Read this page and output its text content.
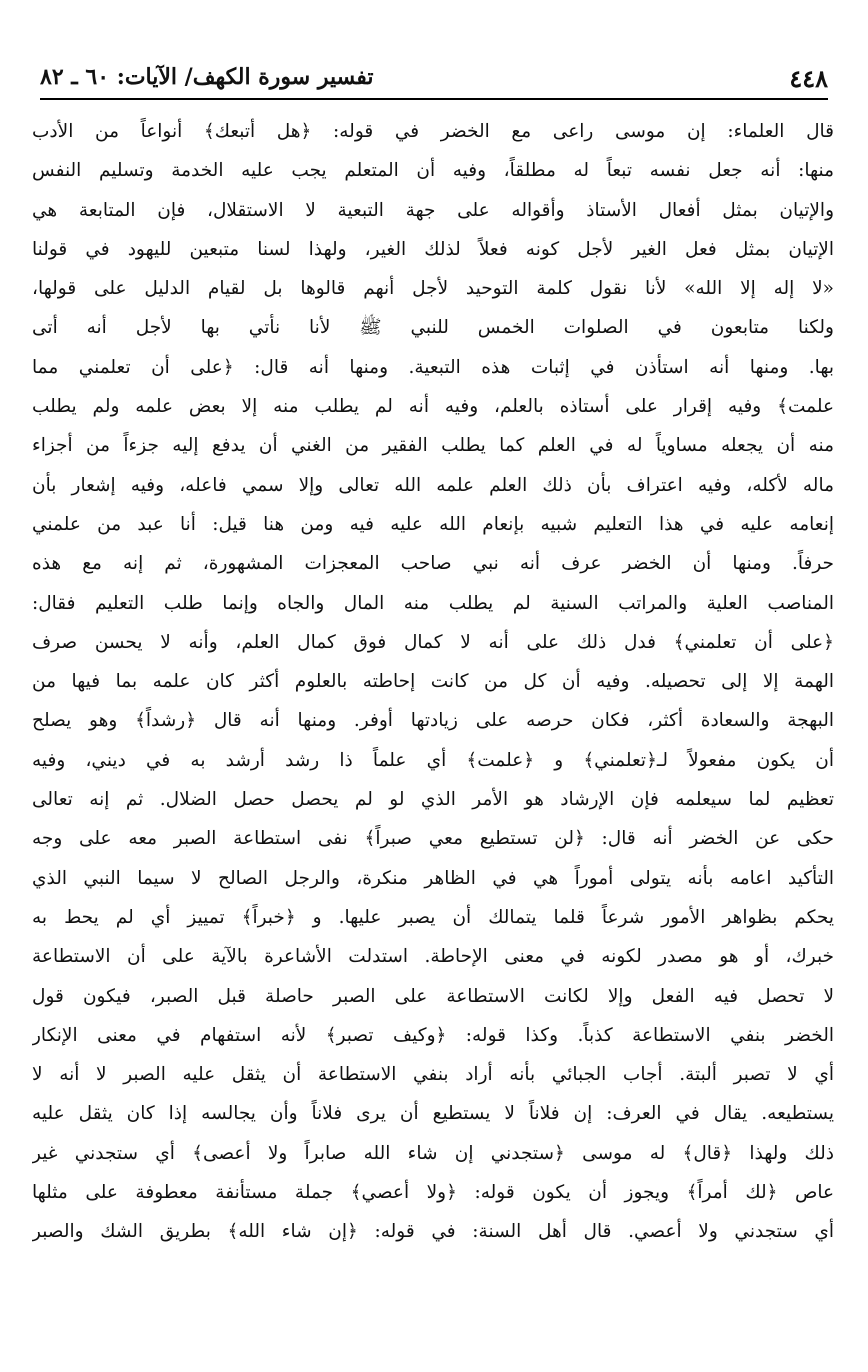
٤٤٨
تفسير سورة الكهف/ الآيات: ٦٠ ـ ٨٢
قال العلماء: إن موسى راعى مع الخضر في قوله: ﴿هل أتبعك﴾ أنواعاً من الأدب
منها: أنه جعل نفسه تبعاً له مطلقاً، وفيه أن المتعلم يجب عليه الخدمة وتسليم النفس
والإتيان بمثل أفعال الأستاذ وأقواله على جهة التبعية لا الاستقلال، فإن المتابعة هي
الإتيان بمثل فعل الغير لأجل كونه فعلاً لذلك الغير، ولهذا لسنا متبعين لليهود في قولنا
«لا إله إلا الله» لأنا نقول كلمة التوحيد لأجل أنهم قالوها بل لقيام الدليل على قولها،
ولكنا متابعون في الصلوات الخمس للنبي ﷺ لأنا نأتي بها لأجل أنه أتى
بها. ومنها أنه استأذن في إثبات هذه التبعية. ومنها أنه قال: ﴿على أن تعلمني مما
علمت﴾ وفيه إقرار على أستاذه بالعلم، وفيه أنه لم يطلب منه إلا بعض علمه ولم يطلب
منه أن يجعله مساوياً له في العلم كما يطلب الفقير من الغني أن يدفع إليه جزءاً من أجزاء
ماله لأكله، وفيه اعتراف بأن ذلك العلم علمه الله تعالى وإلا سمي فاعله، وفيه إشعار بأن
إنعامه عليه في هذا التعليم شبيه بإنعام الله عليه فيه ومن هنا قيل: أنا عبد من علمني
حرفاً. ومنها أن الخضر عرف أنه نبي صاحب المعجزات المشهورة، ثم إنه مع هذه
المناصب العلية والمراتب السنية لم يطلب منه المال والجاه وإنما طلب التعليم فقال:
﴿على أن تعلمني﴾ فدل ذلك على أنه لا كمال فوق كمال العلم، وأنه لا يحسن صرف
الهمة إلا إلى تحصيله. وفيه أن كل من كانت إحاطته بالعلوم أكثر كان علمه بما فيها من
البهجة والسعادة أكثر، فكان حرصه على زيادتها أوفر. ومنها أنه قال ﴿رشداً﴾ وهو يصلح
أن يكون مفعولاً لـ﴿تعلمني﴾ و ﴿علمت﴾ أي علماً ذا رشد أرشد به في ديني، وفيه
تعظيم لما سيعلمه فإن الإرشاد هو الأمر الذي لو لم يحصل حصل الضلال. ثم إنه تعالى
حكى عن الخضر أنه قال: ﴿لن تستطيع معي صبراً﴾ نفى استطاعة الصبر معه على وجه
التأكيد اعامه بأنه يتولى أموراً هي في الظاهر منكرة، والرجل الصالح لا سيما النبي الذي
يحكم بظواهر الأمور شرعاً قلما يتمالك أن يصبر عليها. و ﴿خبراً﴾ تمييز أي لم يحط به
خبرك، أو هو مصدر لكونه في معنى الإحاطة. استدلت الأشاعرة بالآية على أن الاستطاعة
لا تحصل فيه الفعل وإلا لكانت الاستطاعة على الصبر حاصلة قبل الصبر، فيكون قول
الخضر بنفي الاستطاعة كذباً. وكذا قوله: ﴿وكيف تصبر﴾ لأنه استفهام في معنى الإنكار
أي لا تصبر ألبتة. أجاب الجبائي بأنه أراد بنفي الاستطاعة أن يثقل عليه الصبر لا أنه لا
يستطيعه. يقال في العرف: إن فلاناً لا يستطيع أن يرى فلاناً وأن يجالسه إذا كان يثقل عليه
ذلك ولهذا ﴿قال﴾ له موسى ﴿ستجدني إن شاء الله صابراً ولا أعصى﴾ أي ستجدني غير
عاص ﴿لك أمراً﴾ ويجوز أن يكون قوله: ﴿ولا أعصي﴾ جملة مستأنفة معطوفة على مثلها
أي ستجدني ولا أعصي. قال أهل السنة: في قوله: ﴿إن شاء الله﴾ بطريق الشك والصبر
